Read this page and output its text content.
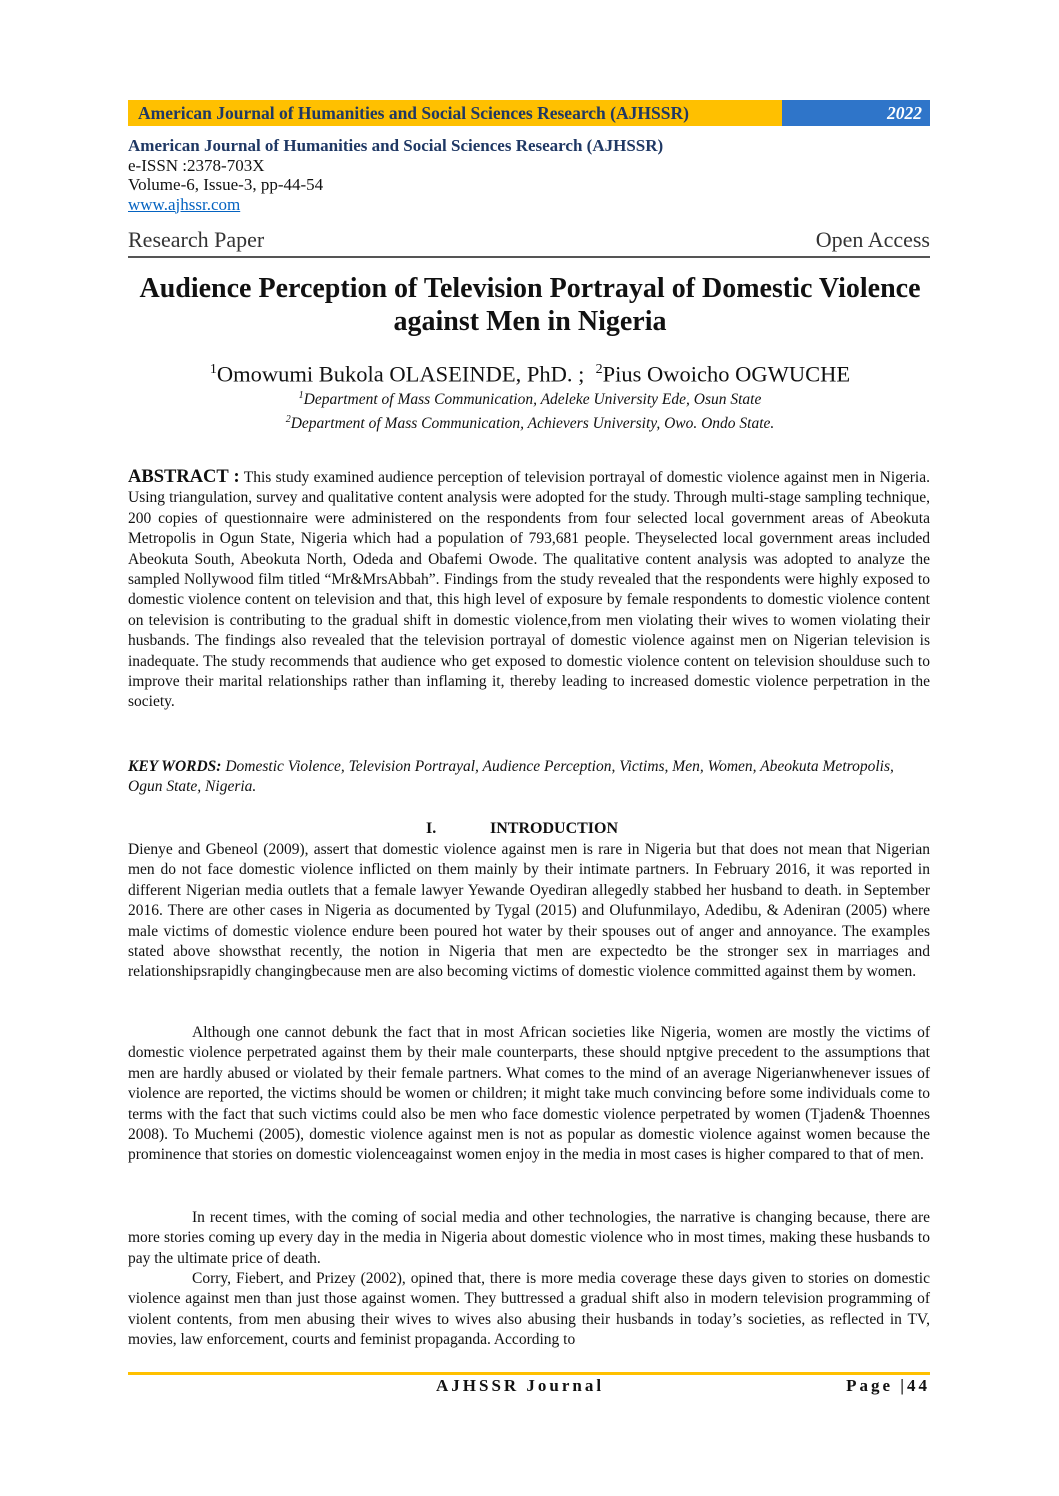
American Journal of Humanities and Social Sciences Research (AJHSSR)	2022
American Journal of Humanities and Social Sciences Research (AJHSSR)
e-ISSN :2378-703X
Volume-6, Issue-3, pp-44-54
www.ajhssr.com
Research Paper	Open Access
Audience Perception of Television Portrayal of Domestic Violence
against Men in Nigeria
$^1$Omowumi Bukola OLASEINDE, PhD. ; $^2$Pius Owoicho OGWUCHE
$^1$Department of Mass Communication, Adeleke University Ede, Osun State
$^2$Department of Mass Communication, Achievers University, Owo. Ondo State.
ABSTRACT : This study examined audience perception of television portrayal of domestic violence against men in Nigeria. Using triangulation, survey and qualitative content analysis were adopted for the study. Through multi-stage sampling technique, 200 copies of questionnaire were administered on the respondents from four selected local government areas of Abeokuta Metropolis in Ogun State, Nigeria which had a population of 793,681 people. Theyselected local government areas included Abeokuta South, Abeokuta North, Odeda and Obafemi Owode. The qualitative content analysis was adopted to analyze the sampled Nollywood film titled “Mr&MrsAbbah”. Findings from the study revealed that the respondents were highly exposed to domestic violence content on television and that, this high level of exposure by female respondents to domestic violence content on television is contributing to the gradual shift in domestic violence,from men violating their wives to women violating their husbands. The findings also revealed that the television portrayal of domestic violence against men on Nigerian television is inadequate. The study recommends that audience who get exposed to domestic violence content on television shoulduse such to improve their marital relationships rather than inflaming it, thereby leading to increased domestic violence perpetration in the society.
KEY WORDS: Domestic Violence, Television Portrayal, Audience Perception, Victims, Men, Women, Abeokuta Metropolis, Ogun State, Nigeria.
I.	INTRODUCTION

Dienye and Gbeneol (2009), assert that domestic violence against men is rare in Nigeria but that does not mean that Nigerian men do not face domestic violence inflicted on them mainly by their intimate partners. In February 2016, it was reported in different Nigerian media outlets that a female lawyer Yewande Oyediran allegedly stabbed her husband to death. in September 2016. There are other cases in Nigeria as documented by Tygal (2015) and Olufunmilayo, Adedibu, & Adeniran (2005) where male victims of domestic violence endure been poured hot water by their spouses out of anger and annoyance. The examples stated above showsthat recently, the notion in Nigeria that men are expectedto be the stronger sex in marriages and relationshipsrapidly changingbecause men are also becoming victims of domestic violence committed against them by women.

Although one cannot debunk the fact that in most African societies like Nigeria, women are mostly the victims of domestic violence perpetrated against them by their male counterparts, these should nptgive precedent to the assumptions that men are hardly abused or violated by their female partners. What comes to the mind of an average Nigerianwhenever issues of violence are reported, the victims should be women or children; it might take much convincing before some individuals come to terms with the fact that such victims could also be men who face domestic violence perpetrated by women (Tjaden& Thoennes 2008). To Muchemi (2005), domestic violence against men is not as popular as domestic violence against women because the prominence that stories on domestic violenceagainst women enjoy in the media in most cases is higher compared to that of men.

In recent times, with the coming of social media and other technologies, the narrative is changing because, there are more stories coming up every day in the media in Nigeria about domestic violence who in most times, making these husbands to pay the ultimate price of death.

Corry, Fiebert, and Prizey (2002), opined that, there is more media coverage these days given to stories on domestic violence against men than just those against women. They buttressed a gradual shift also in modern television programming of violent contents, from men abusing their wives to wives also abusing their husbands in today’s societies, as reflected in TV, movies, law enforcement, courts and feminist propaganda. According to

AJHSSR Journal	Page |44
